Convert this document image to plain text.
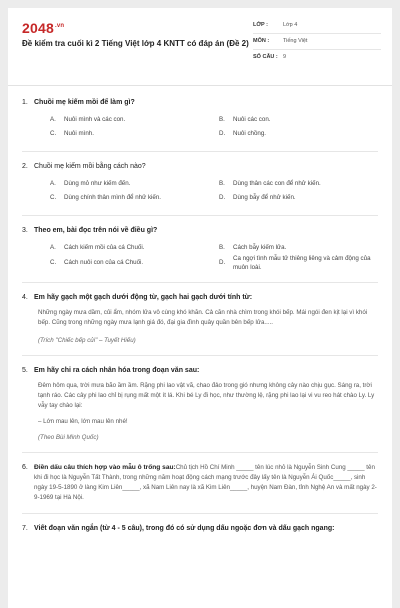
$2048^{.vn}$
Đề kiểm tra cuối kì 2 Tiếng Việt lớp 4 KNTT có đáp án (Đề 2)
LỚP :	Lớp 4
MÔN :	Tiếng Việt
SỐ CÂU : 9
1. Chuồi mẹ kiếm mồi để làm gì?
A.	Nuôi mình và các con.	B.	Nuôi các con.
C.	Nuôi mình.	D.	Nuôi chồng.
2. Chuồi mẹ kiếm mồi bằng cách nào?
A.	Dùng mỏ như kiếm đến.	B.	Dùng thân các con để nhử kiến.
C.	Dùng chính thân mình để nhử kiến.	D.	Dùng bẫy để nhử kiến.
3. Theo em, bài đọc trên nói về điều gì?
A.	Cách kiếm mồi của cá Chuối.	B.	Cách bẫy kiếm lửa.
C.	Cách nuôi con của cá Chuối.	D.
Ca ngợi tình mẫu tử thiêng liêng và cảm động của muôn loài.
4. Em hãy gạch một gạch dưới động từ, gạch hai gạch dưới tính từ:
Những ngày mưa dầm, củi ẩm, nhóm lửa vô cùng khó khăn. Cả căn nhà chìm trong khói bếp. Mái ngói đen kịt lại vì khói bếp. Cũng trong những ngày mưa lạnh giá đó, đại gia đình quây quần bên bếp lửa.....
(Trích "Chiếc bếp củi" – Tuyết Hiếu)
5. Em hãy chỉ ra cách nhân hóa trong đoạn văn sau:
Đêm hôm qua, trời mưa bão ầm ầm. Rặng phi lao vật vã, chao đảo trong gió nhưng không cây nào chịu gục. Sáng ra, trời tạnh ráo. Các cây phi lao chỉ bị rụng mất một ít lá. Khi bé Ly đi học, như thường lệ, rặng phi lao lại vi vu reo hát chào Ly. Ly vẫy tay chào lại:
– Lớn mau lên, lớn mau lên nhé!
(Theo Bùi Minh Quốc)
6. Điền dấu câu thích hợp vào mẫu ô trống sau:Chủ tịch Hồ Chí Minh _____ tên lúc nhỏ là Nguyễn Sinh Cung _____ tên khi đi học là Nguyễn Tất Thành, trong những năm hoạt động cách mạng trước đây lấy tên là Nguyễn Ái Quốc_____, sinh ngày 19-5-1890 ở làng Kim Liên_____, xã Nam Liên nay là xã Kim Liên_____, huyện Nam Đàn, tỉnh Nghệ An và mất ngày 2-9-1969 tại Hà Nội.
7. Viết đoạn văn ngắn (từ 4 - 5 câu), trong đó có sử dụng dấu ngoặc đơn và dấu gạch ngang:
